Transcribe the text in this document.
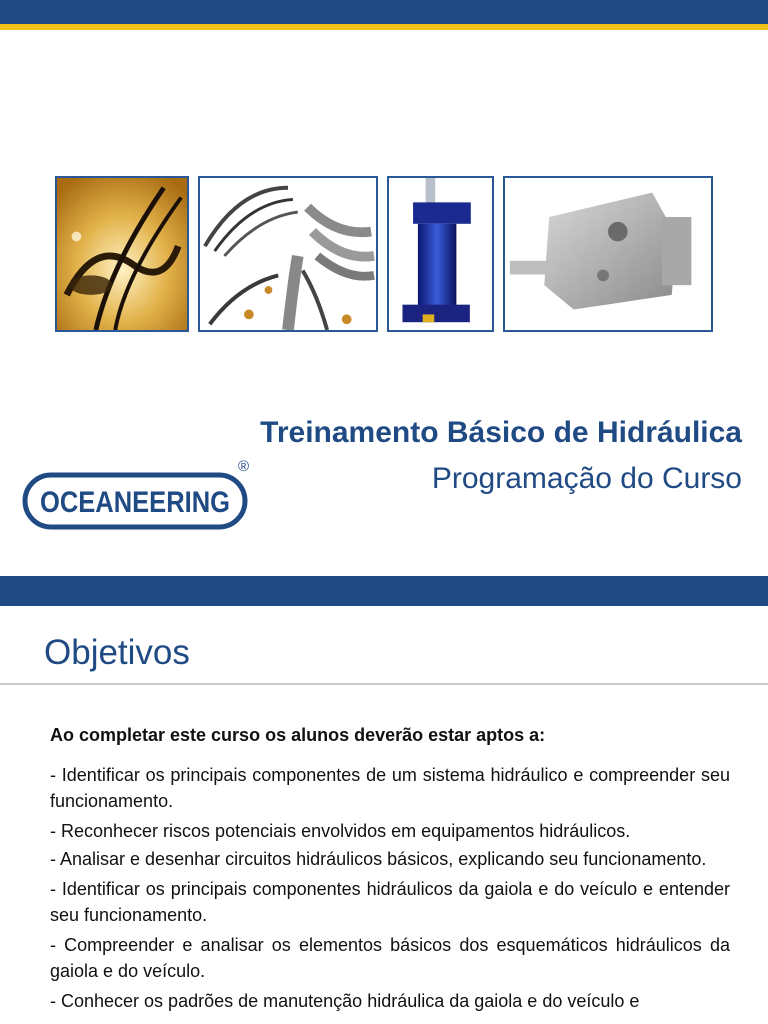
Treinamento Básico de Hidráulica
Programação do Curso
OCEANEERING
®
Objetivos
Ao completar este curso os alunos deverão estar aptos a:
- Identificar os principais componentes de um sistema hidráulico e compreender seu funcionamento.
- Reconhecer riscos potenciais envolvidos em equipamentos hidráulicos.
- Analisar e desenhar circuitos hidráulicos básicos, explicando seu funcionamento.
- Identificar os principais componentes hidráulicos da gaiola e do veículo e entender seu funcionamento.
- Compreender e analisar os elementos básicos dos esquemáticos hidráulicos da gaiola e do veículo.
- Conhecer os padrões de manutenção hidráulica da gaiola e do veículo e
